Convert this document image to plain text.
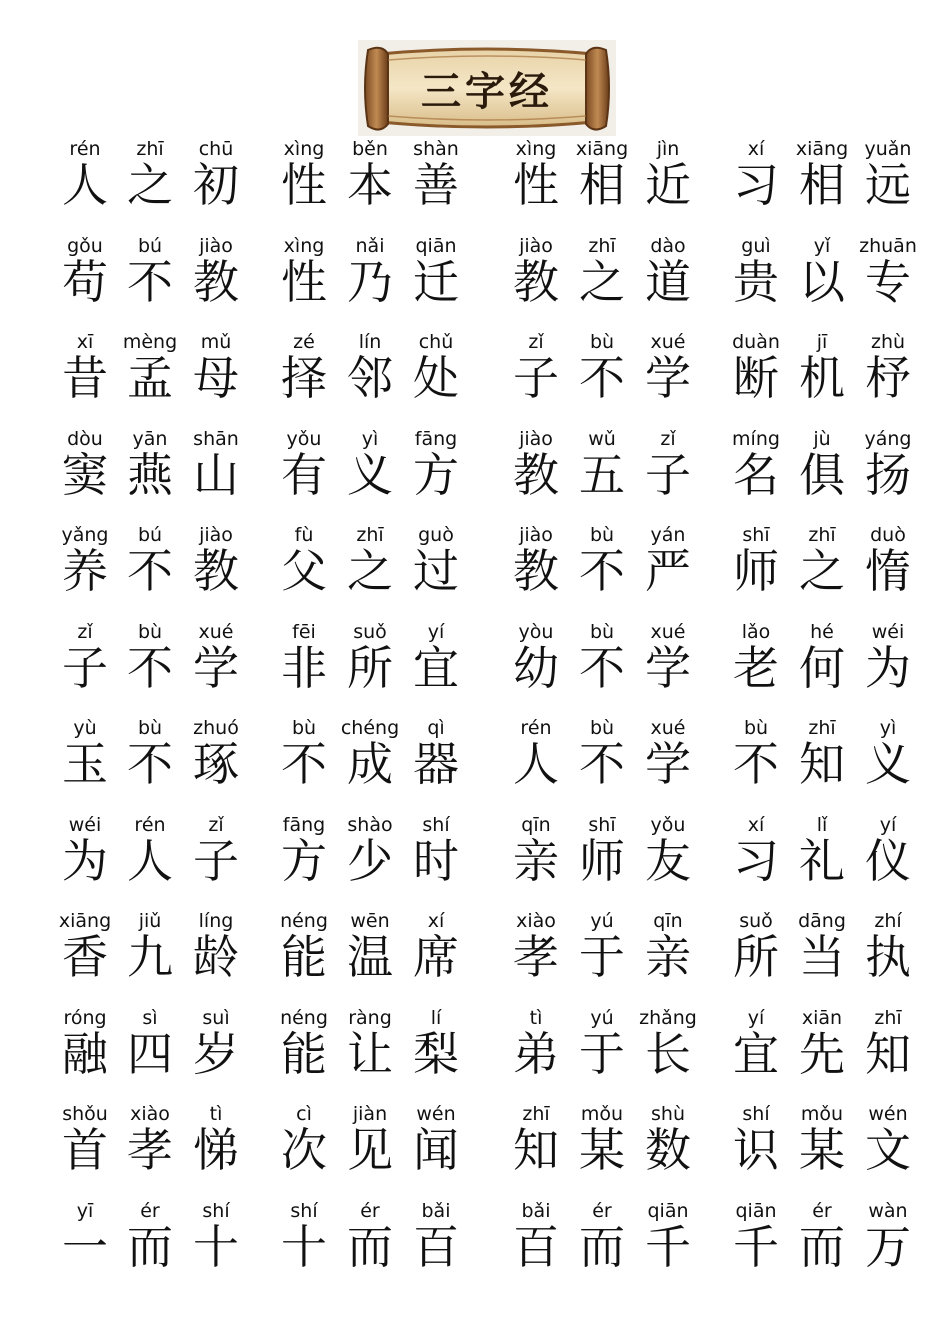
三字经
rén
人
zhī
之
chū
初
xìng
性
běn
本
shàn
善
xìng
性
xiāng
相
jìn
近
xí
习
xiāng
相
yuǎn
远
gǒu
苟
bú
不
jiào
教
xìng
性
nǎi
乃
qiān
迁
jiào
教
zhī
之
dào
道
guì
贵
yǐ
以
zhuān
专
xī
昔
mèng
孟
mǔ
母
zé
择
lín
邻
chǔ
处
zǐ
子
bù
不
xué
学
duàn
断
jī
机
zhù
杼
dòu
窦
yān
燕
shān
山
yǒu
有
yì
义
fāng
方
jiào
教
wǔ
五
zǐ
子
míng
名
jù
俱
yáng
扬
yǎng
养
bú
不
jiào
教
fù
父
zhī
之
guò
过
jiào
教
bù
不
yán
严
shī
师
zhī
之
duò
惰
zǐ
子
bù
不
xué
学
fēi
非
suǒ
所
yí
宜
yòu
幼
bù
不
xué
学
lǎo
老
hé
何
wéi
为
yù
玉
bù
不
zhuó
琢
bù
不
chéng
成
qì
器
rén
人
bù
不
xué
学
bù
不
zhī
知
yì
义
wéi
为
rén
人
zǐ
子
fāng
方
shào
少
shí
时
qīn
亲
shī
师
yǒu
友
xí
习
lǐ
礼
yí
仪
xiāng
香
jiǔ
九
líng
龄
néng
能
wēn
温
xí
席
xiào
孝
yú
于
qīn
亲
suǒ
所
dāng
当
zhí
执
róng
融
sì
四
suì
岁
néng
能
ràng
让
lí
梨
tì
弟
yú
于
zhǎng
长
yí
宜
xiān
先
zhī
知
shǒu
首
xiào
孝
tì
悌
cì
次
jiàn
见
wén
闻
zhī
知
mǒu
某
shù
数
shí
识
mǒu
某
wén
文
yī
一
ér
而
shí
十
shí
十
ér
而
bǎi
百
bǎi
百
ér
而
qiān
千
qiān
千
ér
而
wàn
万
